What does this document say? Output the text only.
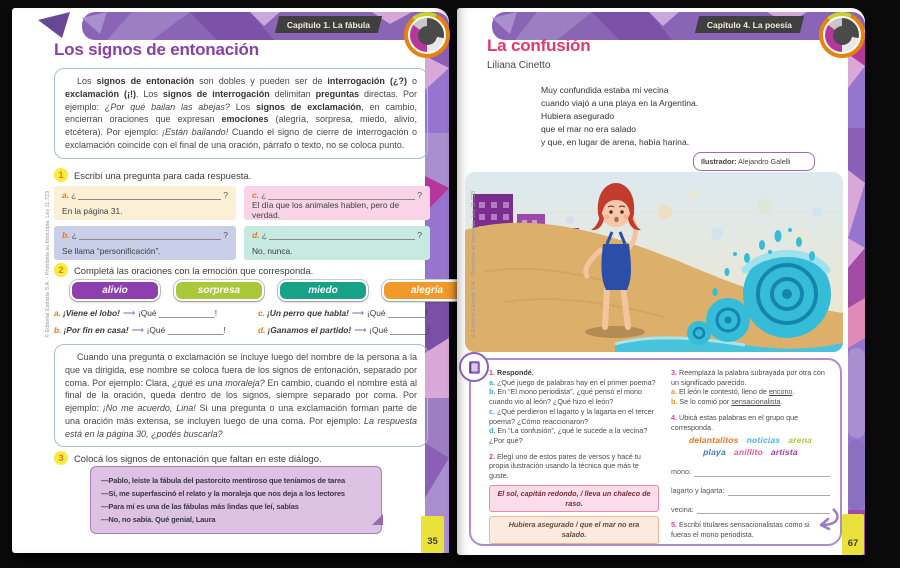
Capítulo 1. La fábula
Los signos de entonación
Los signos de entonación son dobles y pueden ser de interrogación (¿?) o exclamación (¡!). Los signos de interrogación delimitan preguntas directas. Por ejemplo: ¿Por qué bailan las abejas? Los signos de exclamación, en cambio, encierran oraciones que expresan emociones (alegría, sorpresa, miedo, alivio, etcétera). Por ejemplo: ¡Están bailando! Cuando el signo de cierre de interrogación o exclamación coincide con el final de una oración, párrafo o texto, no se coloca punto.
1	Escribí una pregunta para cada respuesta.
a. ¿	?
En la página 31.
c. ¿	?
El día que los animales hablen, pero de verdad.
b. ¿	?
Se llama “personificación”.
d. ¿	?
No, nunca.
2	Completá las oraciones con la emoción que corresponda.
alivio	sorpresa	miedo	alegría
a. ¡Viene el lobo! ⟶ ¡Qué ____________!	c. ¡Un perro que habla! ⟶ ¡Qué ________!
b. ¡Por fin en casa! ⟶ ¡Qué ____________!	d. ¡Ganamos el partido! ⟶ ¡Qué ________!
Cuando una pregunta o exclamación se incluye luego del nombre de la persona a la que va dirigida, ese nombre se coloca fuera de los signos de entonación, separado por coma. Por ejemplo: Clara, ¿qué es una moraleja? En cambio, cuando el nombre está al final de la oración, queda dentro de los signos, siempre separado por coma. Por ejemplo: ¡No me acuerdo, Lina! Si una pregunta o una exclamación forman parte de una oración más extensa, se incluyen luego de una coma. Por ejemplo: La respuesta está en la página 30, ¿podés buscarla?
3	Colocá los signos de entonación que faltan en este diálogo.
—Pablo, leiste la fábula del pastorcito mentiroso que teníamos de tarea
—Sí, me superfascinó el relato y la moraleja que nos deja a los lectores
—Para mí es una de las fábulas más lindas que leí, sabías
—No, no sabía. Qué genial, Laura
35
© Editorial Estrada S.A. - Prohibida su fotocopia. Ley 11.723
Capítulo 4. La poesía
La confusión
Liliana Cinetto
Muy confundida estaba mi vecina
cuando viajó a una playa en la Argentina.
Hubiera asegurado
que el mar no era salado
y que, en lugar de arena, había harina.
Ilustrador: Alejandro Galelli
1. Respondé.
a. ¿Qué juego de palabras hay en el primer poema?
b. En “El mono periodista”, ¿qué pensó el mono cuando vio al león? ¿Qué hizo el león?
c. ¿Qué perdieron el lagarto y la lagarta en el tercer poema? ¿Cómo reaccionaron?
d. En “La confusión”, ¿qué le sucede a la vecina? ¿Por qué?
2. Elegí uno de estos pares de versos y hacé tu propia ilustración usando la técnica que más te guste.
El sol, capitán redondo, / lleva un chaleco de raso.
Hubiera asegurado / que el mar no era salado.
3. Reemplazá la palabra subrayada por otra con un significado parecido.
a. El león le contestó, lleno de encono.
b. Se lo comió por sensacionalista.
4. Ubicá estas palabras en el grupo que corresponda.
delantalitos noticias arena
playa anillito artista
mono:
lagarto y lagarta:
vecina:
5. Escribí titulares sensacionalistas como si fueras el mono periodista.
67
© Editorial Estrada S.A. - Prohibida su fotocopia. Ley 11.723
